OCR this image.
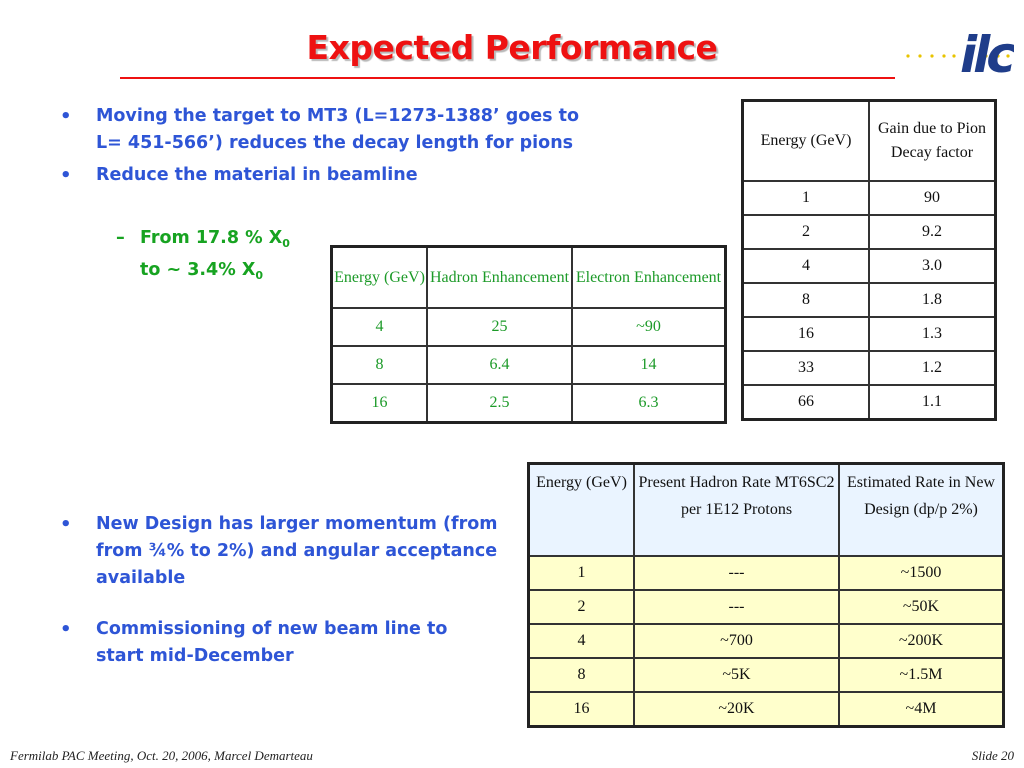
Expected Performance	ilc
• Moving the target to MT3 (L=1273-1388’ goes to L= 451-566’) reduces the decay length for pions
• Reduce the material in beamline
– From 17.8 % $X_0$
to ~ 3.4% $X_0$
• New Design has larger momentum (from from ¾% to 2%) and angular acceptance available
• Commissioning of new beam line to start mid-December
Energy (GeV)	Gain due to Pion Decay factor
1	90
2	9.2
4	3.0
8	1.8
16	1.3
33	1.2
66	1.1
Energy (GeV)	Hadron Enhancement	Electron Enhancement
4	25	~90
8	6.4	14
16	2.5	6.3
Energy (GeV)	Present Hadron Rate MT6SC2 per 1E12 Protons	Estimated Rate in New Design (dp/p 2%)
1	---	~1500
2	---	~50K
4	~700	~200K
8	~5K	~1.5M
16	~20K	~4M
Fermilab PAC Meeting, Oct. 20, 2006, Marcel Demarteau	Slide 20
